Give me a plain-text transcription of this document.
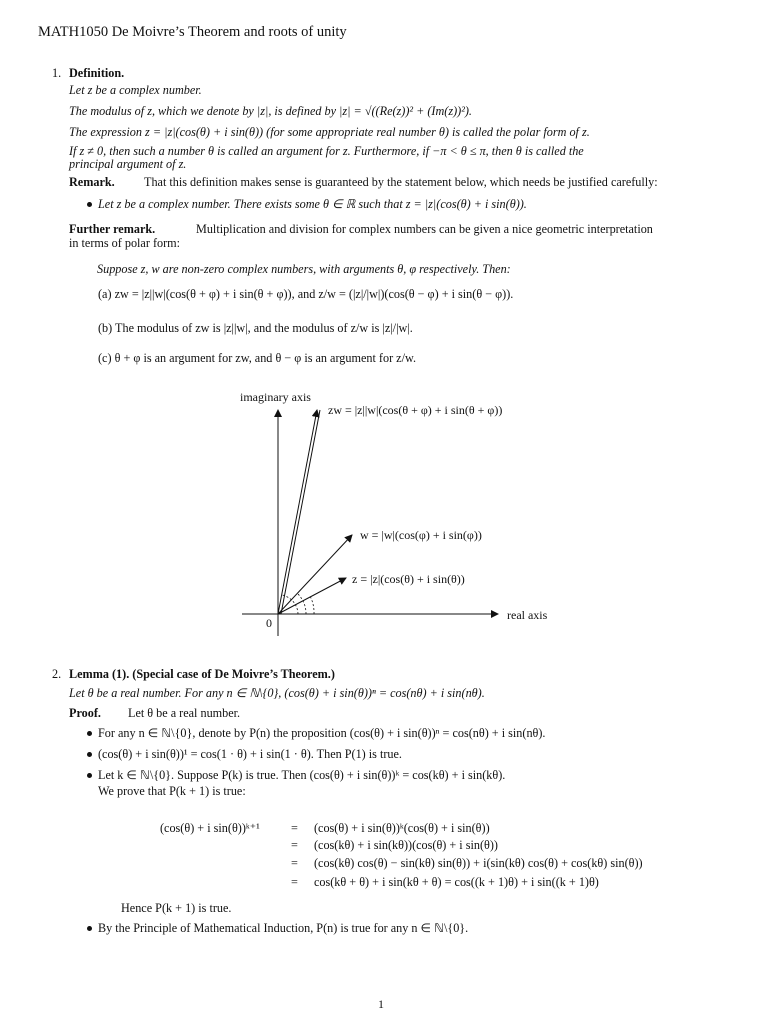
MATH1050 De Moivre’s Theorem and roots of unity
1. Definition.
Let z be a complex number.
The modulus of z, which we denote by |z|, is defined by |z| = √((Re(z))² + (Im(z))²).
The expression z = |z|(cos(θ) + i sin(θ)) (for some appropriate real number θ) is called the polar form of z.
If z ≠ 0, then such a number θ is called an argument for z. Furthermore, if −π < θ ≤ π, then θ is called the
principal argument of z.
Remark. That this definition makes sense is guaranteed by the statement below, which needs be justified carefully:
Let z be a complex number. There exists some θ ∈ ℝ such that z = |z|(cos(θ) + i sin(θ)).
Further remark.	Multiplication and division for complex numbers can be given a nice geometric interpretation
in terms of polar form:
Suppose z, w are non-zero complex numbers, with arguments θ, φ respectively. Then:
(a) zw = |z||w|(cos(θ + φ) + i sin(θ + φ)), and z/w = (|z|/|w|)(cos(θ − φ) + i sin(θ − φ)).
(b) The modulus of zw is |z||w|, and the modulus of z/w is |z|/|w|.
(c) θ + φ is an argument for zw, and θ − φ is an argument for z/w.
imaginary axis
real axis
0
zw = |z||w|(cos(θ + φ) + i sin(θ + φ))
w = |w|(cos(φ) + i sin(φ))
z = |z|(cos(θ) + i sin(θ))
2. Lemma (1). (Special case of De Moivre’s Theorem.)
Let θ be a real number. For any n ∈ ℕ\{0}, (cos(θ) + i sin(θ))ⁿ = cos(nθ) + i sin(nθ).
Proof. Let θ be a real number.
For any n ∈ ℕ\{0}, denote by P(n) the proposition (cos(θ) + i sin(θ))ⁿ = cos(nθ) + i sin(nθ).
(cos(θ) + i sin(θ))¹ = cos(1 · θ) + i sin(1 · θ). Then P(1) is true.
Let k ∈ ℕ\{0}. Suppose P(k) is true. Then (cos(θ) + i sin(θ))ᵏ = cos(kθ) + i sin(kθ).
We prove that P(k + 1) is true:
(cos(θ) + i sin(θ))ᵏ⁺¹	= (cos(θ) + i sin(θ))ᵏ(cos(θ) + i sin(θ))
= (cos(kθ) + i sin(kθ))(cos(θ) + i sin(θ))
= (cos(kθ) cos(θ) − sin(kθ) sin(θ)) + i(sin(kθ) cos(θ) + cos(kθ) sin(θ))
= cos(kθ + θ) + i sin(kθ + θ) = cos((k + 1)θ) + i sin((k + 1)θ)
Hence P(k + 1) is true.
By the Principle of Mathematical Induction, P(n) is true for any n ∈ ℕ\{0}.
1
